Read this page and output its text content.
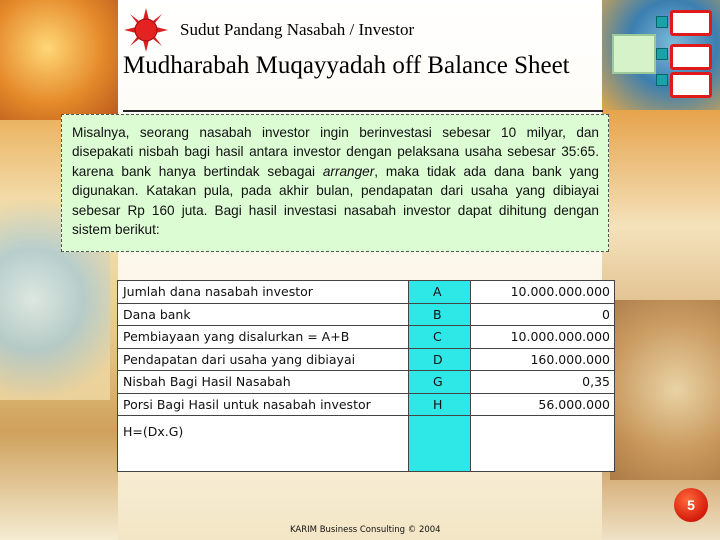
Sudut Pandang Nasabah / Investor
Mudharabah Muqayyadah off Balance Sheet

Misalnya, seorang nasabah investor ingin berinvestasi sebesar 10 milyar, dan disepakati nisbah bagi hasil antara investor dengan pelaksana usaha sebesar 35:65. karena bank hanya bertindak sebagai arranger, maka tidak ada dana bank yang digunakan. Katakan pula, pada akhir bulan, pendapatan dari usaha yang dibiayai sebesar Rp 160 juta. Bagi hasil investasi nasabah investor dapat dihitung dengan sistem berikut:

Jumlah dana nasabah investor	A	10.000.000.000
Dana bank	B	0
Pembiayaan yang disalurkan = A+B	C	10.000.000.000
Pendapatan dari usaha yang dibiayai	D	160.000.000
Nisbah Bagi Hasil Nasabah	G	0,35
Porsi Bagi Hasil untuk nasabah investor	H	56.000.000
H=(Dx.G)		
5
KARIM Business Consulting © 2004
